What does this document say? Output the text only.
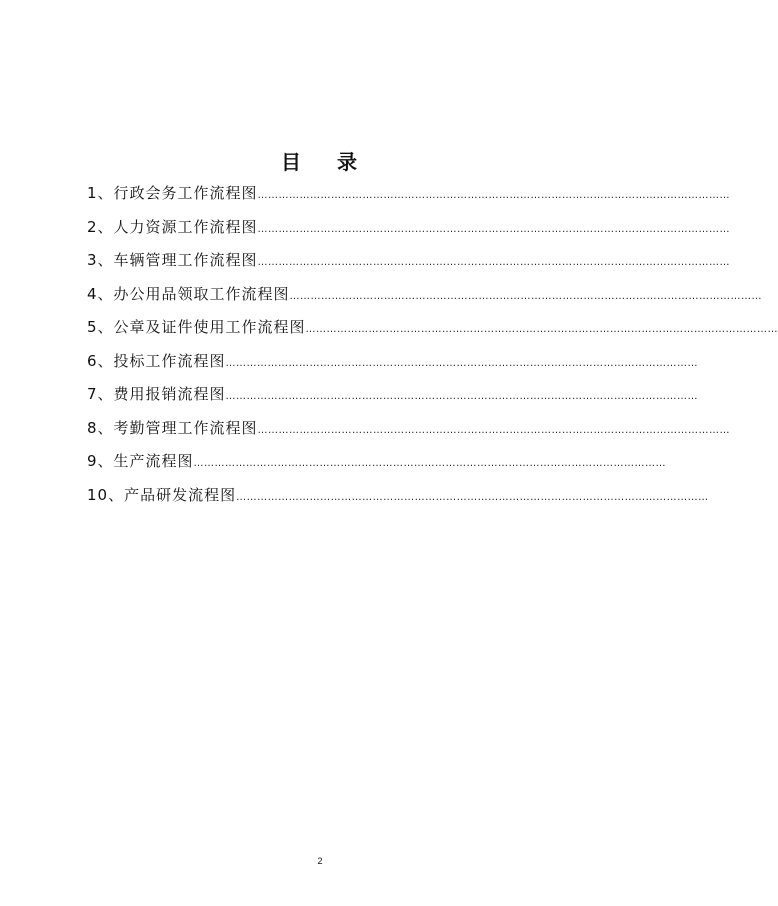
目 录
1、行政会务工作流程图 ………………………………………………………………………………………………………………………
2、人力资源工作流程图 ………………………………………………………………………………………………………………………
3、车辆管理工作流程图 ………………………………………………………………………………………………………………………
4、办公用品领取工作流程图 ………………………………………………………………………………………………………………………
5、公章及证件使用工作流程图 ………………………………………………………………………………………………………………………
6、投标工作流程图 ………………………………………………………………………………………………………………………
7、费用报销流程图 ………………………………………………………………………………………………………………………
8、考勤管理工作流程图 ………………………………………………………………………………………………………………………
9、生产流程图 ………………………………………………………………………………………………………………………
10、产品研发流程图 ………………………………………………………………………………………………………………………
2
